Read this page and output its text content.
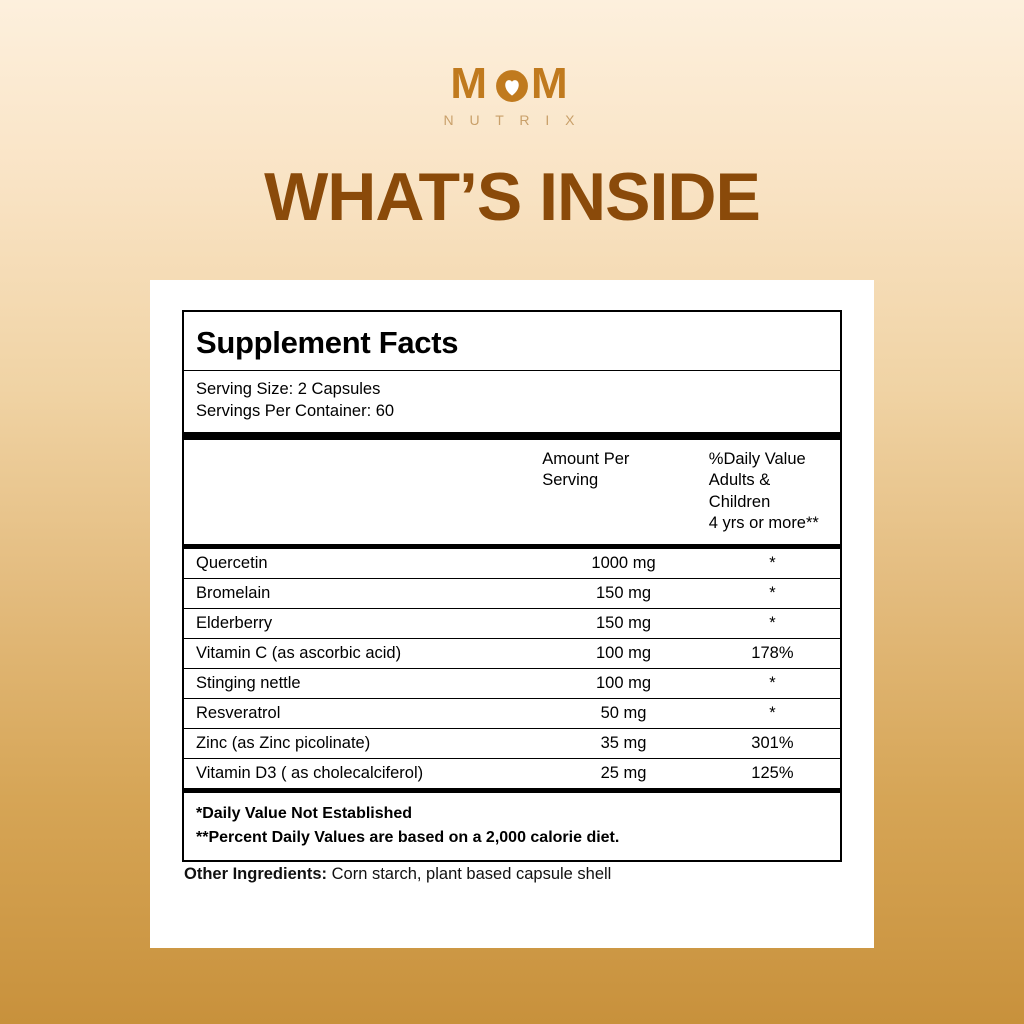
M M
N U T R I X
WHAT’S INSIDE
Supplement Facts
Serving Size: 2 Capsules
Servings Per Container: 60

Amount Per
Serving

%Daily Value
Adults & Children
4 yrs or more**
Quercetin	1000 mg	*
Bromelain	150 mg	*
Elderberry	150 mg	*
Vitamin C (as ascorbic acid)	100 mg	178%
Stinging nettle	100 mg	*
Resveratrol	50 mg	*
Zinc (as Zinc picolinate)	35 mg	301%
Vitamin D3 ( as cholecalciferol)	25 mg	125%
*Daily Value Not Established
**Percent Daily Values are based on a 2,000 calorie diet.
Other Ingredients: Corn starch, plant based capsule shell
